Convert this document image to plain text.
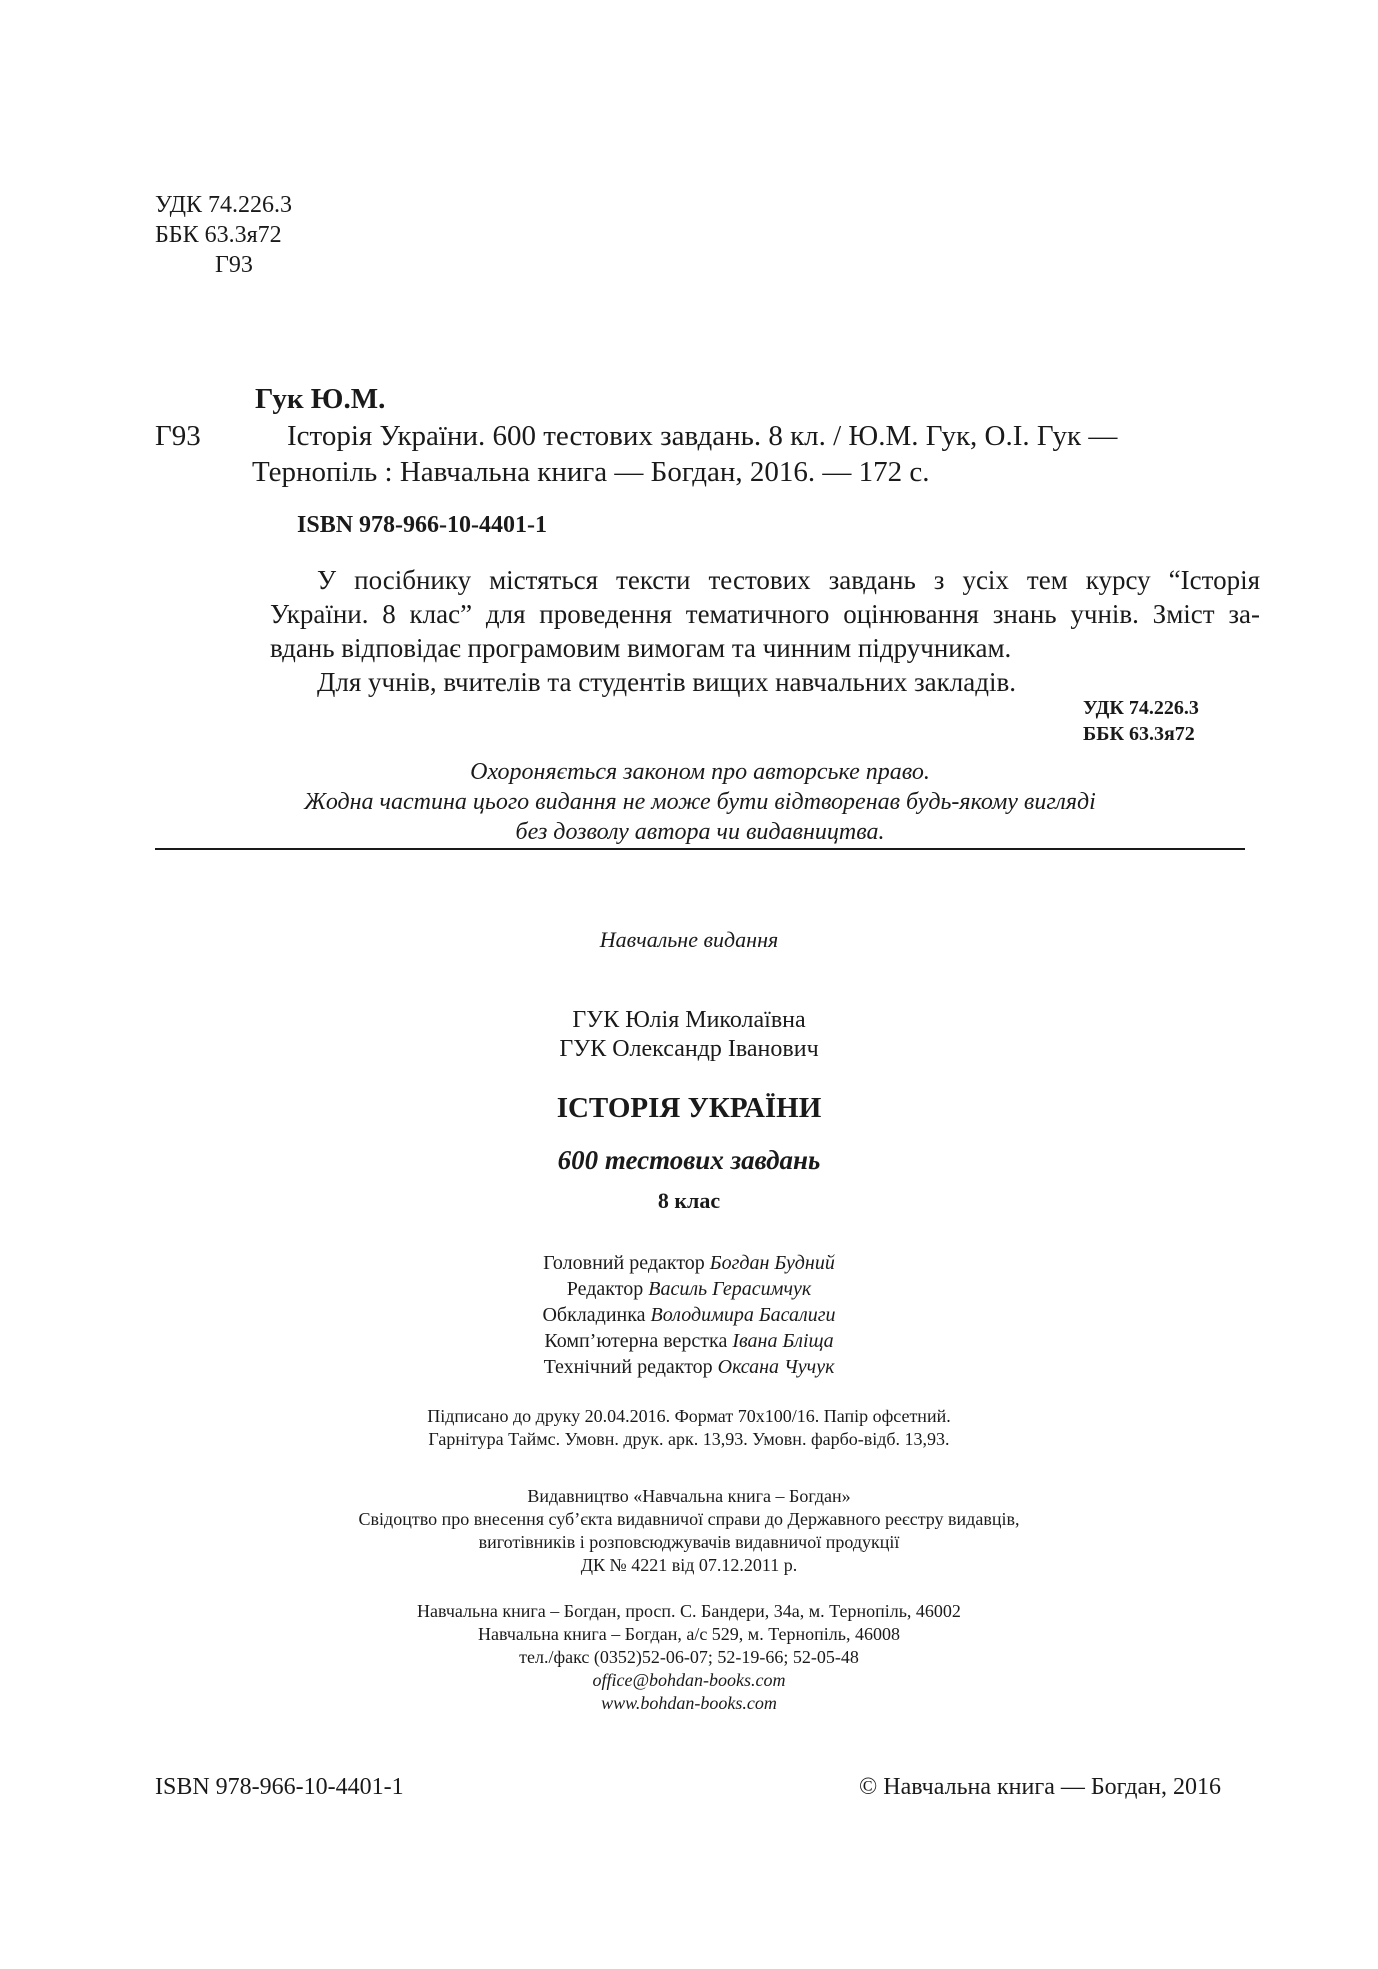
УДК 74.226.3
ББК 63.3я72
Г93
Гук Ю.М.
Г93	Історія України. 600 тестових завдань. 8 кл. / Ю.М. Гук, О.І. Гук —
Тернопіль : Навчальна книга — Богдан, 2016. — 172 с.
ISBN 978-966-10-4401-1
У посібнику містяться тексти тестових завдань з усіх тем курсу “Історія
України. 8 клас” для проведення тематичного оцінювання знань учнів. Зміст за-
вдань відповідає програмовим вимогам та чинним підручникам.
Для учнів, вчителів та студентів вищих навчальних закладів.
УДК 74.226.3
ББК 63.3я72
Охороняється законом про авторське право.
Жодна частина цього видання не може бути відтворенав будь-якому вигляді
без дозволу автора чи видавництва.
Навчальне видання
ГУК Юлія Миколаївна
ГУК Олександр Іванович
ІСТОРІЯ УКРАЇНИ
600 тестових завдань
8 клас
Головний редактор Богдан Будний
Редактор Василь Герасимчук
Обкладинка Володимира Басалиги
Комп’ютерна верстка Івана Бліщa
Технічний редактор Оксана Чучук
Підписано до друку 20.04.2016. Формат 70x100/16. Папір офсетний.
Гарнітура Таймс. Умовн. друк. арк. 13,93. Умовн. фарбо-відб. 13,93.
Видавництво «Навчальна книга – Богдан»
Свідоцтво про внесення суб’єкта видавничої справи до Державного реєстру видавців,
виготівників і розповсюджувачів видавничої продукції
ДК № 4221 від 07.12.2011 р.
Навчальна книга – Богдан, просп. С. Бандери, 34а, м. Тернопіль, 46002
Навчальна книга – Богдан, а/с 529, м. Тернопіль, 46008
тел./факс (0352)52-06-07; 52-19-66; 52-05-48
office@bohdan-books.com
www.bohdan-books.com
ISBN 978-966-10-4401-1	© Навчальна книга — Богдан, 2016
